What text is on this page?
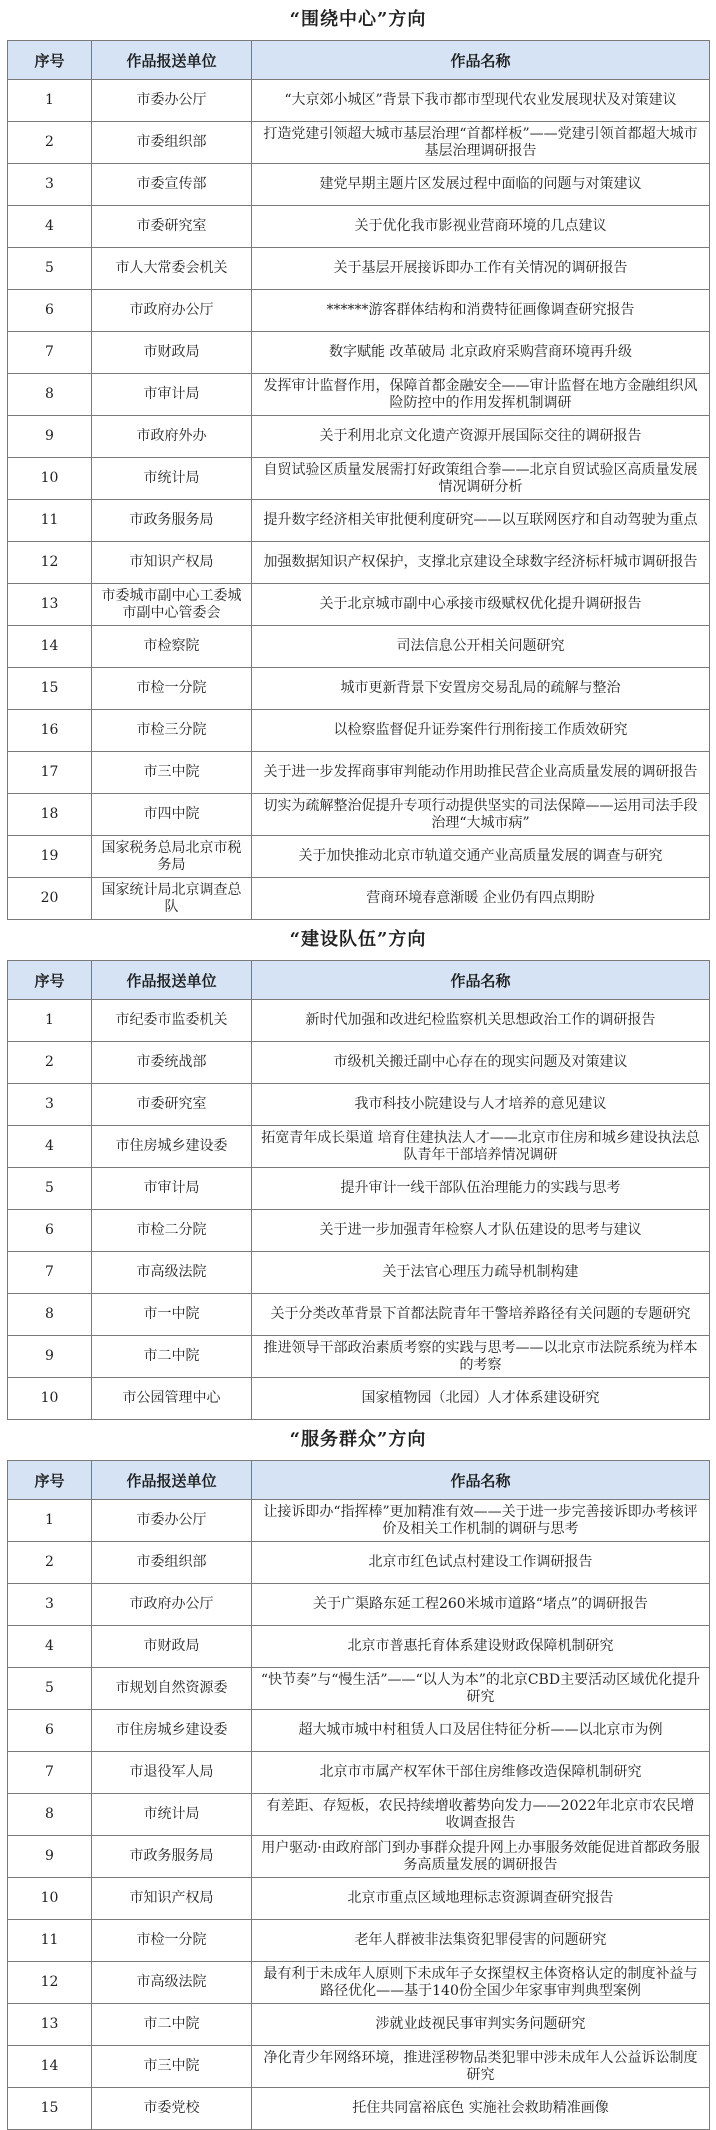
“围绕中心”方向
序号	作品报送单位	作品名称
1	市委办公厅	“大京郊小城区”背景下我市都市型现代农业发展现状及对策建议
2	市委组织部	打造党建引领超大城市基层治理“首都样板”——党建引领首都超大城市基层治理调研报告
3	市委宣传部	建党早期主题片区发展过程中面临的问题与对策建议
4	市委研究室	关于优化我市影视业营商环境的几点建议
5	市人大常委会机关	关于基层开展接诉即办工作有关情况的调研报告
6	市政府办公厅	******游客群体结构和消费特征画像调查研究报告
7	市财政局	数字赋能 改革破局 北京政府采购营商环境再升级
8	市审计局	发挥审计监督作用，保障首都金融安全——审计监督在地方金融组织风险防控中的作用发挥机制调研
9	市政府外办	关于利用北京文化遗产资源开展国际交往的调研报告
10	市统计局	自贸试验区质量发展需打好政策组合拳——北京自贸试验区高质量发展情况调研分析
11	市政务服务局	提升数字经济相关审批便利度研究——以互联网医疗和自动驾驶为重点
12	市知识产权局	加强数据知识产权保护，支撑北京建设全球数字经济标杆城市调研报告
13	市委城市副中心工委城市副中心管委会	关于北京城市副中心承接市级赋权优化提升调研报告
14	市检察院	司法信息公开相关问题研究
15	市检一分院	城市更新背景下安置房交易乱局的疏解与整治
16	市检三分院	以检察监督促升证券案件行刑衔接工作质效研究
17	市三中院	关于进一步发挥商事审判能动作用助推民营企业高质量发展的调研报告
18	市四中院	切实为疏解整治促提升专项行动提供坚实的司法保障——运用司法手段治理“大城市病”
19	国家税务总局北京市税务局	关于加快推动北京市轨道交通产业高质量发展的调查与研究
20	国家统计局北京调查总队	营商环境春意渐暖 企业仍有四点期盼
“建设队伍”方向
序号	作品报送单位	作品名称
1	市纪委市监委机关	新时代加强和改进纪检监察机关思想政治工作的调研报告
2	市委统战部	市级机关搬迁副中心存在的现实问题及对策建议
3	市委研究室	我市科技小院建设与人才培养的意见建议
4	市住房城乡建设委	拓宽青年成长渠道 培育住建执法人才——北京市住房和城乡建设执法总队青年干部培养情况调研
5	市审计局	提升审计一线干部队伍治理能力的实践与思考
6	市检二分院	关于进一步加强青年检察人才队伍建设的思考与建议
7	市高级法院	关于法官心理压力疏导机制构建
8	市一中院	关于分类改革背景下首都法院青年干警培养路径有关问题的专题研究
9	市二中院	推进领导干部政治素质考察的实践与思考——以北京市法院系统为样本的考察
10	市公园管理中心	国家植物园（北园）人才体系建设研究
“服务群众”方向
序号	作品报送单位	作品名称
1	市委办公厅	让接诉即办“指挥棒”更加精准有效——关于进一步完善接诉即办考核评价及相关工作机制的调研与思考
2	市委组织部	北京市红色试点村建设工作调研报告
3	市政府办公厅	关于广渠路东延工程260米城市道路“堵点”的调研报告
4	市财政局	北京市普惠托育体系建设财政保障机制研究
5	市规划自然资源委	“快节奏”与“慢生活”——“以人为本”的北京CBD主要活动区域优化提升研究
6	市住房城乡建设委	超大城市城中村租赁人口及居住特征分析——以北京市为例
7	市退役军人局	北京市市属产权军休干部住房维修改造保障机制研究
8	市统计局	有差距、存短板，农民持续增收蓄势向发力——2022年北京市农民增收调查报告
9	市政务服务局	用户驱动·由政府部门到办事群众提升网上办事服务效能促进首都政务服务高质量发展的调研报告
10	市知识产权局	北京市重点区域地理标志资源调查研究报告
11	市检一分院	老年人群被非法集资犯罪侵害的问题研究
12	市高级法院	最有利于未成年人原则下未成年子女探望权主体资格认定的制度补益与路径优化——基于140份全国少年家事审判典型案例
13	市二中院	涉就业歧视民事审判实务问题研究
14	市三中院	净化青少年网络环境，推进淫秽物品类犯罪中涉未成年人公益诉讼制度研究
15	市委党校	托住共同富裕底色 实施社会救助精准画像
